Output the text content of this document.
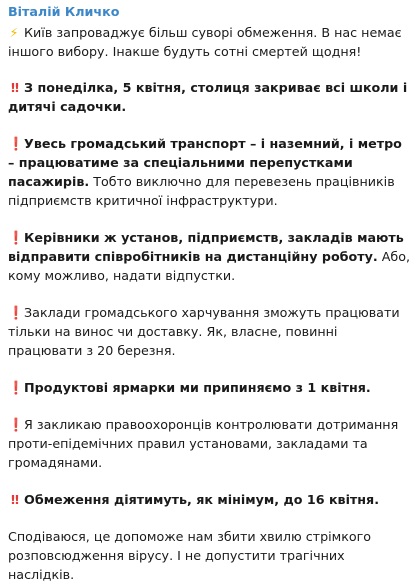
Віталій Кличко
⚡ Київ запроваджує більш суворі обмеження. В нас немає іншого вибору. Інакше будуть сотні смертей щодня!
‼ З понеділка, 5 квітня, столиця закриває всі школи і дитячі садочки.
❗ Увесь громадський транспорт – і наземний, і метро – працюватиме за спеціальними перепустками пасажирів. Тобто виключно для перевезень працівників підприємств критичної інфраструктури.
❗ Керівники ж установ, підприємств, закладів мають відправити співробітників на дистанційну роботу. Або, кому можливо, надати відпустки.
❗ Заклади громадського харчування зможуть працювати тільки на винос чи доставку. Як, власне, повинні працювати з 20 березня.
❗ Продуктові ярмарки ми припиняємо з 1 квітня.
❗ Я закликаю правоохоронців контролювати дотримання проти-епідемічних правил установами, закладами та громадянами.
‼ Обмеження діятимуть, як мінімум, до 16 квітня.
Сподіваюся, це допоможе нам збити хвилю стрімкого розповсюдження вірусу. І не допустити трагічних наслідків.
